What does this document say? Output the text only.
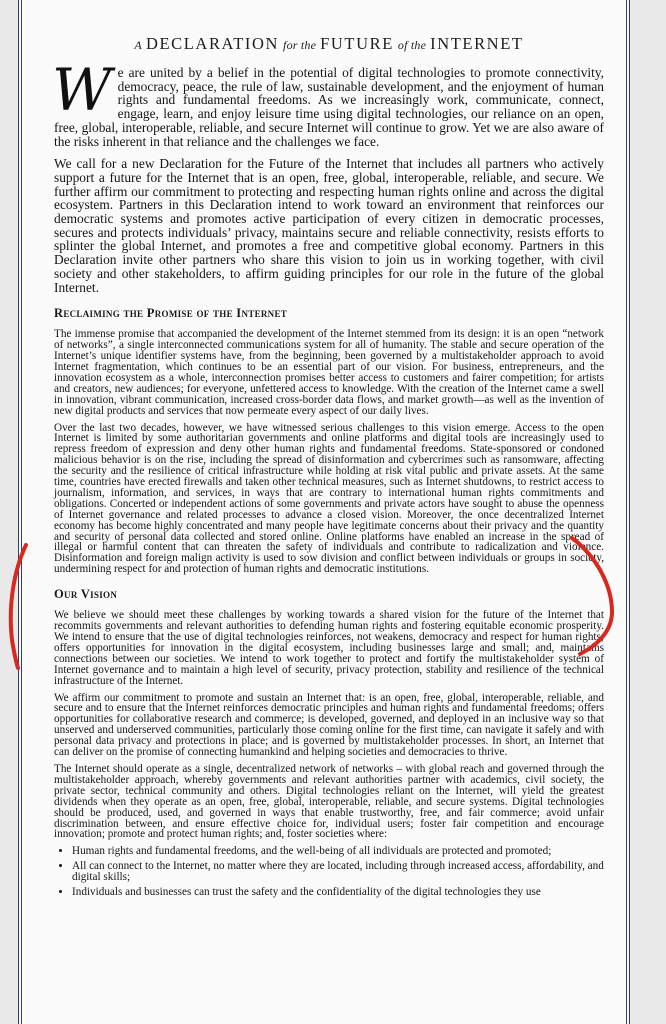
A DECLARATION for the FUTURE of the INTERNET

We are united by a belief in the potential of digital technologies to promote connectivity, democracy, peace, the rule of law, sustainable development, and the enjoyment of human rights and fundamental freedoms. As we increasingly work, communicate, connect, engage, learn, and enjoy leisure time using digital technologies, our reliance on an open, free, global, interoperable, reliable, and secure Internet will continue to grow. Yet we are also aware of the risks inherent in that reliance and the challenges we face.

We call for a new Declaration for the Future of the Internet that includes all partners who actively support a future for the Internet that is an open, free, global, interoperable, reliable, and secure. We further affirm our commitment to protecting and respecting human rights online and across the digital ecosystem. Partners in this Declaration intend to work toward an environment that reinforces our democratic systems and promotes active participation of every citizen in democratic processes, secures and protects individuals’ privacy, maintains secure and reliable connectivity, resists efforts to splinter the global Internet, and promotes a free and competitive global economy. Partners in this Declaration invite other partners who share this vision to join us in working together, with civil society and other stakeholders, to affirm guiding principles for our role in the future of the global Internet.

Reclaiming the Promise of the Internet

The immense promise that accompanied the development of the Internet stemmed from its design: it is an open “network of networks”, a single interconnected communications system for all of humanity. The stable and secure operation of the Internet’s unique identifier systems have, from the beginning, been governed by a multistakeholder approach to avoid Internet fragmentation, which continues to be an essential part of our vision. For business, entrepreneurs, and the innovation ecosystem as a whole, interconnection promises better access to customers and fairer competition; for artists and creators, new audiences; for everyone, unfettered access to knowledge. With the creation of the Internet came a swell in innovation, vibrant communication, increased cross-border data flows, and market growth—as well as the invention of new digital products and services that now permeate every aspect of our daily lives.

Over the last two decades, however, we have witnessed serious challenges to this vision emerge. Access to the open Internet is limited by some authoritarian governments and online platforms and digital tools are increasingly used to repress freedom of expression and deny other human rights and fundamental freedoms. State-sponsored or condoned malicious behavior is on the rise, including the spread of disinformation and cybercrimes such as ransomware, affecting the security and the resilience of critical infrastructure while holding at risk vital public and private assets. At the same time, countries have erected firewalls and taken other technical measures, such as Internet shutdowns, to restrict access to journalism, information, and services, in ways that are contrary to international human rights commitments and obligations. Concerted or independent actions of some governments and private actors have sought to abuse the openness of Internet governance and related processes to advance a closed vision. Moreover, the once decentralized Internet economy has become highly concentrated and many people have legitimate concerns about their privacy and the quantity and security of personal data collected and stored online. Online platforms have enabled an increase in the spread of illegal or harmful content that can threaten the safety of individuals and contribute to radicalization and violence. Disinformation and foreign malign activity is used to sow division and conflict between individuals or groups in society, undermining respect for and protection of human rights and democratic institutions.

Our Vision

We believe we should meet these challenges by working towards a shared vision for the future of the Internet that recommits governments and relevant authorities to defending human rights and fostering equitable economic prosperity. We intend to ensure that the use of digital technologies reinforces, not weakens, democracy and respect for human rights; offers opportunities for innovation in the digital ecosystem, including businesses large and small; and, maintains connections between our societies. We intend to work together to protect and fortify the multistakeholder system of Internet governance and to maintain a high level of security, privacy protection, stability and resilience of the technical infrastructure of the Internet.

We affirm our commitment to promote and sustain an Internet that: is an open, free, global, interoperable, reliable, and secure and to ensure that the Internet reinforces democratic principles and human rights and fundamental freedoms; offers opportunities for collaborative research and commerce; is developed, governed, and deployed in an inclusive way so that unserved and underserved communities, particularly those coming online for the first time, can navigate it safely and with personal data privacy and protections in place; and is governed by multistakeholder processes. In short, an Internet that can deliver on the promise of connecting humankind and helping societies and democracies to thrive.

The Internet should operate as a single, decentralized network of networks – with global reach and governed through the multistakeholder approach, whereby governments and relevant authorities partner with academics, civil society, the private sector, technical community and others. Digital technologies reliant on the Internet, will yield the greatest dividends when they operate as an open, free, global, interoperable, reliable, and secure systems. Digital technologies should be produced, used, and governed in ways that enable trustworthy, free, and fair commerce; avoid unfair discrimination between, and ensure effective choice for, individual users; foster fair competition and encourage innovation; promote and protect human rights; and, foster societies where:

• Human rights and fundamental freedoms, and the well-being of all individuals are protected and promoted;
• All can connect to the Internet, no matter where they are located, including through increased access, affordability, and digital skills;
• Individuals and businesses can trust the safety and the confidentiality of the digital technologies they use
